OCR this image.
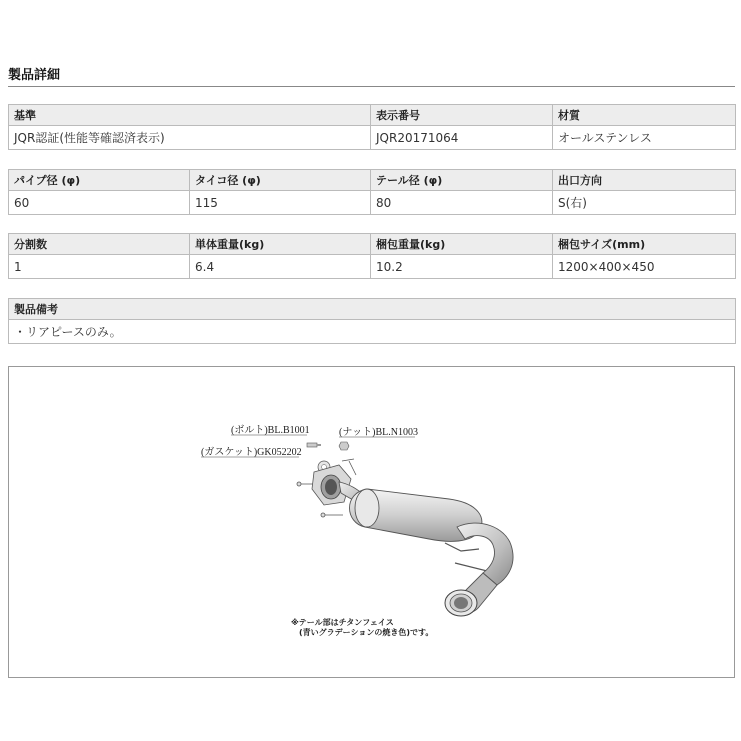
製品詳細
基準	表示番号	材質
JQR認証(性能等確認済表示)	JQR20171064	オールステンレス
パイプ径 (φ)	タイコ径 (φ)	テール径 (φ)	出口方向
60	115	80	S(右)
分割数	単体重量(kg)	梱包重量(kg)	梱包サイズ(mm)
1	6.4	10.2	1200×400×450
製品備考
・リアピースのみ。
(ボルト)BL.B1001	(ナット)BL.N1003
(ガスケット)GK052202
※テール部はチタンフェイス
(青いグラデーションの焼き色)です。
